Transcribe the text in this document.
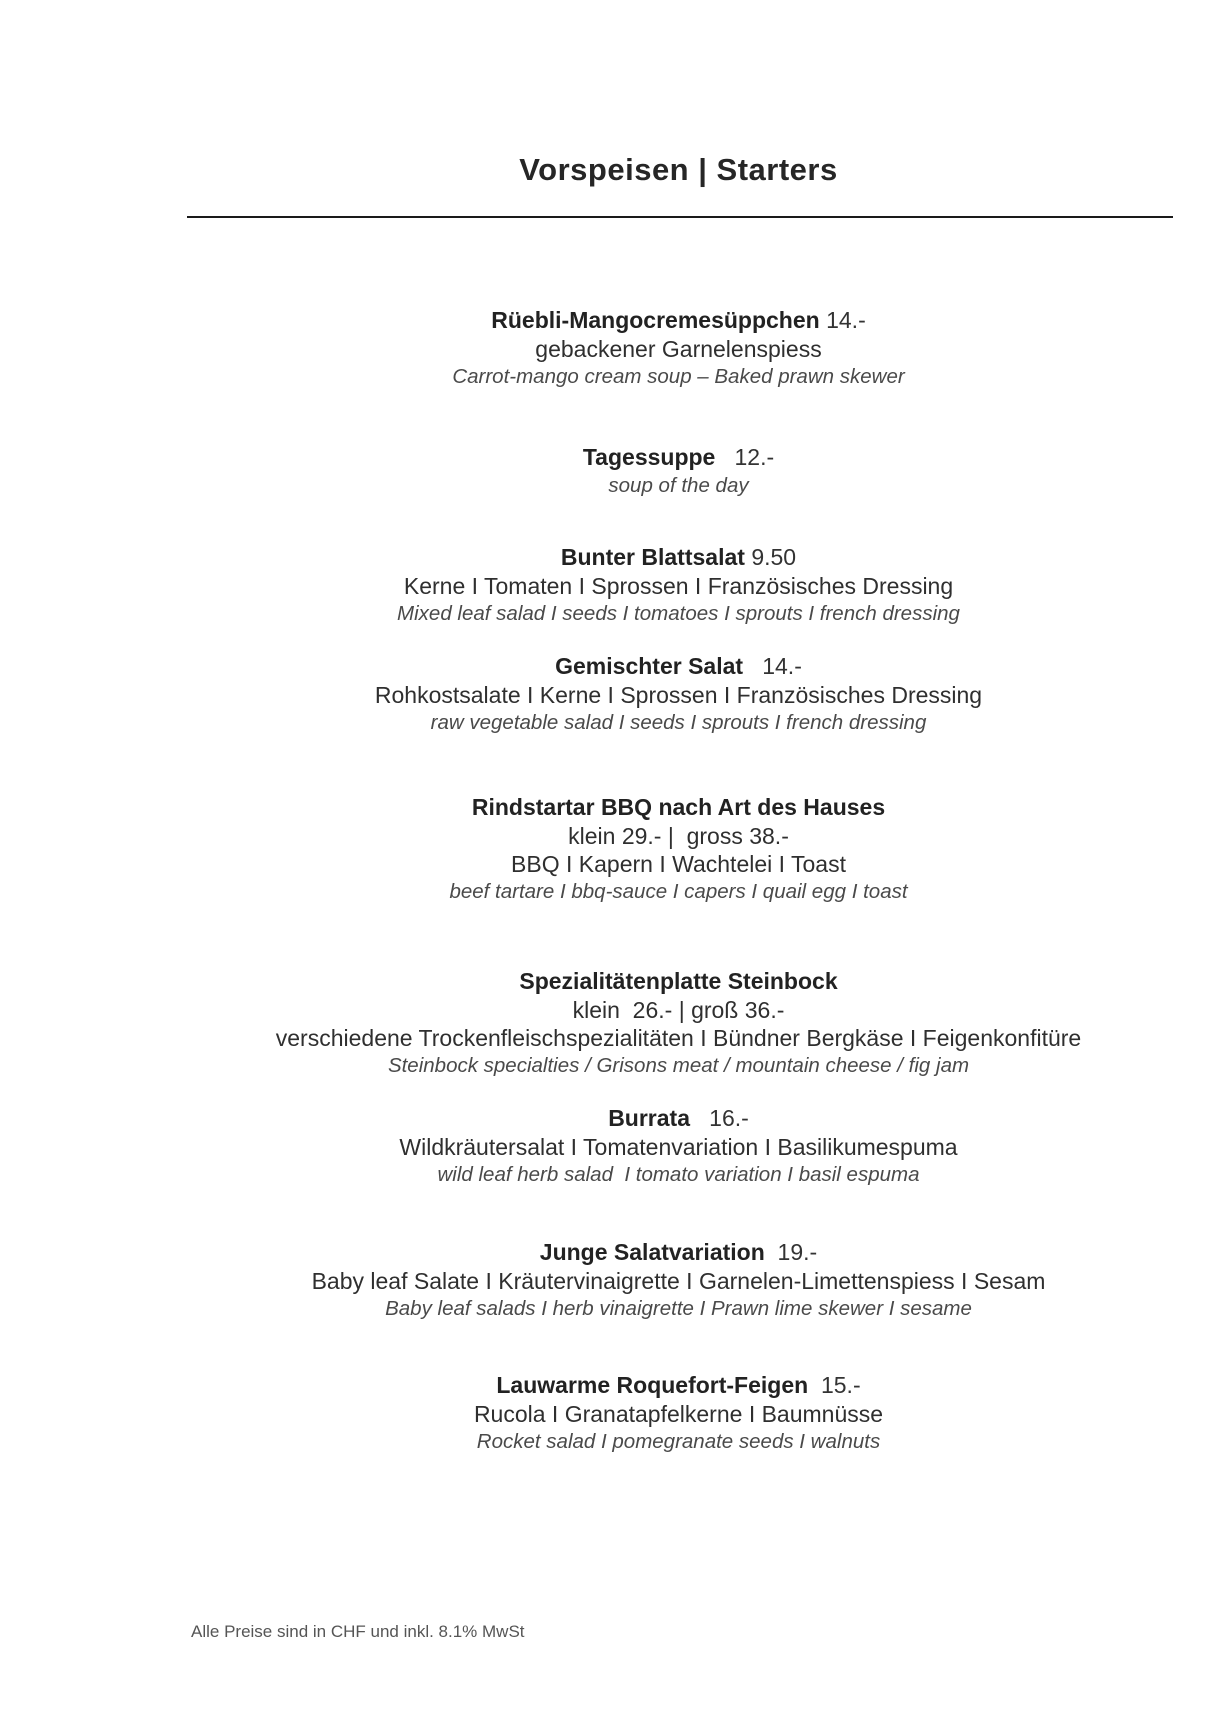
Vorspeisen | Starters
Rüebli-Mangocremesüppchen 14.-
gebackener Garnelenspiess
Carrot-mango cream soup – Baked prawn skewer
Tagessuppe   12.-
soup of the day
Bunter Blattsalat 9.50
Kerne I Tomaten I Sprossen I Französisches Dressing
Mixed leaf salad I seeds I tomatoes I sprouts I french dressing
Gemischter Salat   14.-
Rohkostsalate I Kerne I Sprossen I Französisches Dressing
raw vegetable salad I seeds I sprouts I french dressing
Rindstartar BBQ nach Art des Hauses
klein 29.- |  gross 38.-
BBQ I Kapern I Wachtelei I Toast
beef tartare I bbq-sauce I capers I quail egg I toast
Spezialitätenplatte Steinbock
klein  26.- | groß 36.-
verschiedene Trockenfleischspezialitäten I Bündner Bergkäse I Feigenkonfitüre
Steinbock specialties / Grisons meat / mountain cheese / fig jam
Burrata   16.-
Wildkräutersalat I Tomatenvariation I Basilikumespuma
wild leaf herb salad  I tomato variation I basil espuma
Junge Salatvariation  19.-
Baby leaf Salate I Kräutervinaigrette I Garnelen-Limettenspiess I Sesam
Baby leaf salads I herb vinaigrette I Prawn lime skewer I sesame
Lauwarme Roquefort-Feigen  15.-
Rucola I Granatapfelkerne I Baumnüsse
Rocket salad I pomegranate seeds I walnuts
Alle Preise sind in CHF und inkl. 8.1% MwSt
